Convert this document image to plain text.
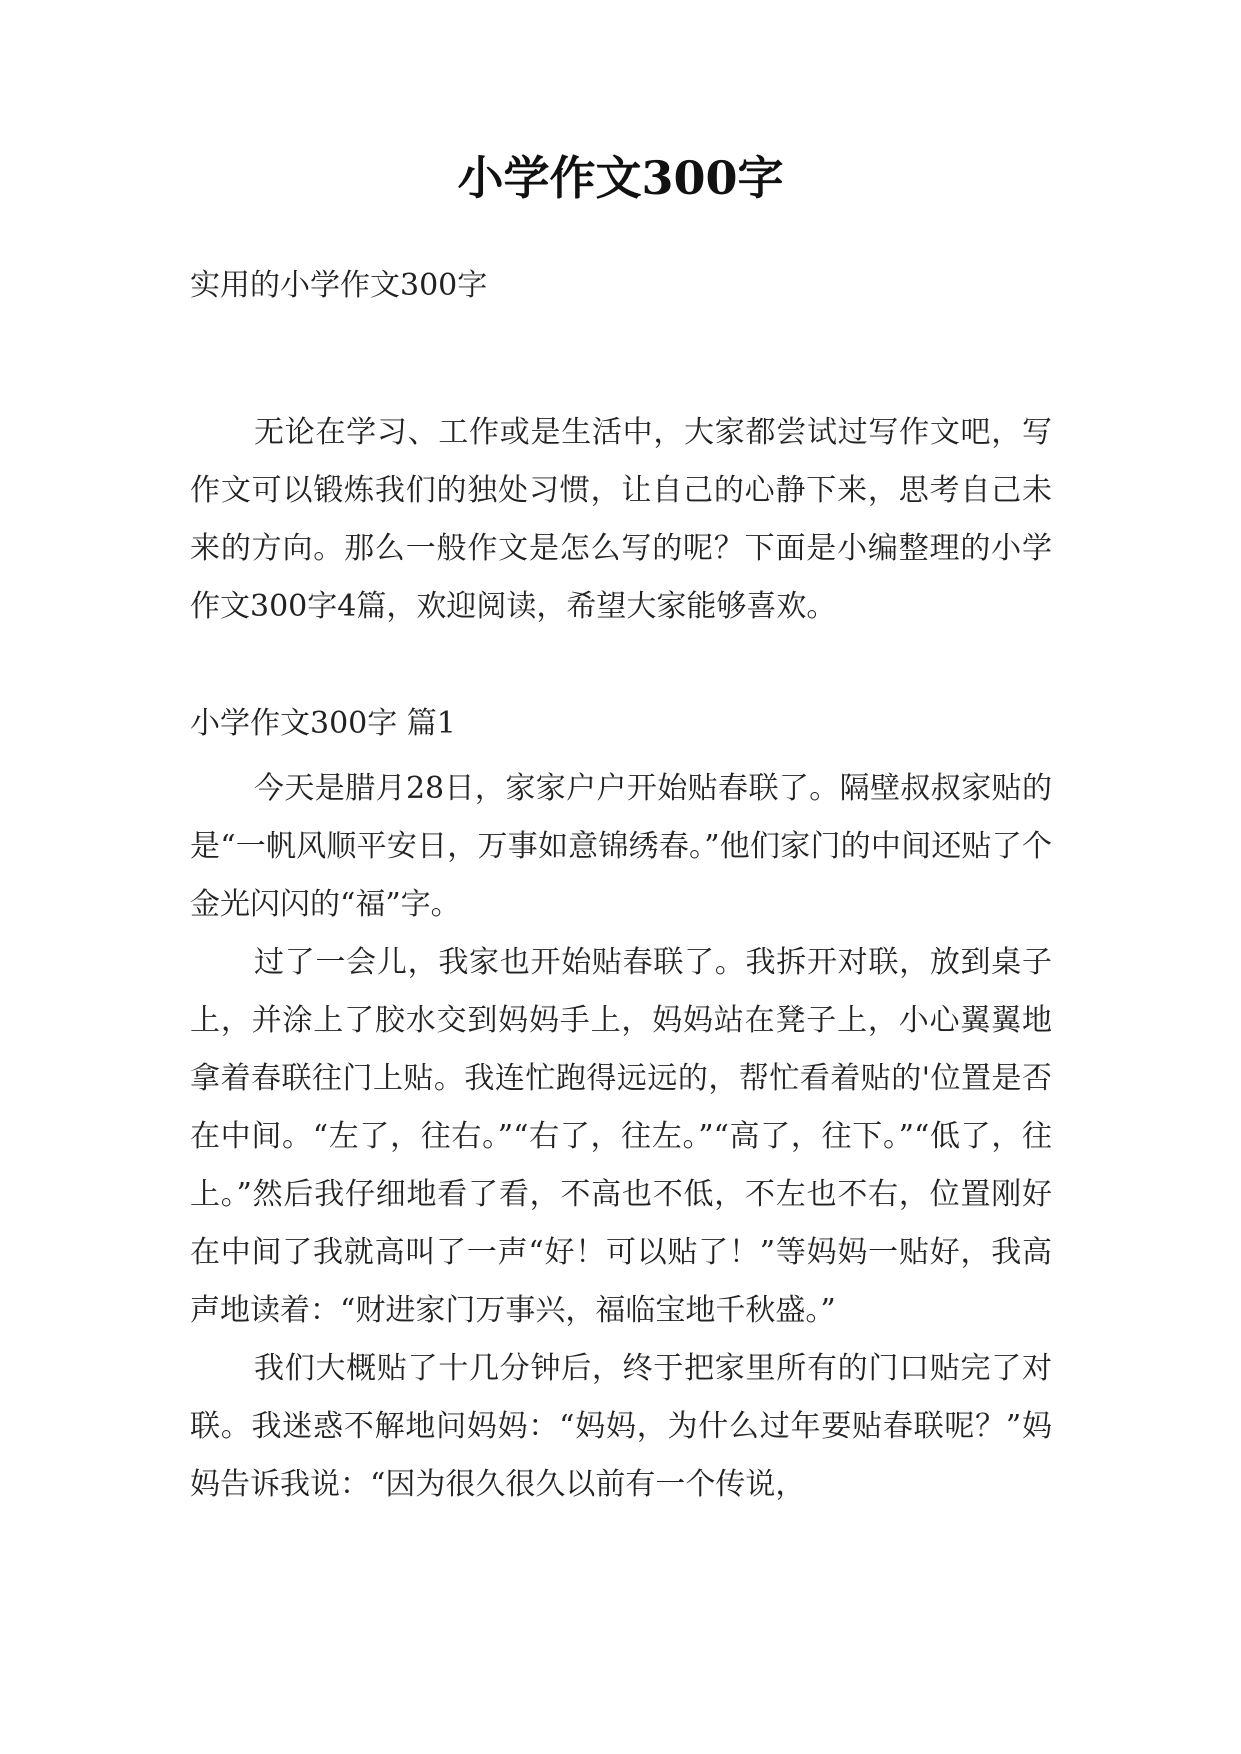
小学作文300字

实用的小学作文300字

无论在学习、工作或是生活中，大家都尝试过写作文吧，写作文可以锻炼我们的独处习惯，让自己的心静下来，思考自己未来的方向。那么一般作文是怎么写的呢？下面是小编整理的小学作文300字4篇，欢迎阅读，希望大家能够喜欢。

小学作文300字 篇1

今天是腊月28日，家家户户开始贴春联了。隔壁叔叔家贴的是“一帆风顺平安日，万事如意锦绣春。”他们家门的中间还贴了个金光闪闪的“福”字。

过了一会儿，我家也开始贴春联了。我拆开对联，放到桌子上，并涂上了胶水交到妈妈手上，妈妈站在凳子上，小心翼翼地拿着春联往门上贴。我连忙跑得远远的，帮忙看着贴的'位置是否在中间。“左了，往右。”“右了，往左。”“高了，往下。”“低了，往上。”然后我仔细地看了看，不高也不低，不左也不右，位置刚好在中间了我就高叫了一声“好！可以贴了！”等妈妈一贴好，我高声地读着：“财进家门万事兴，福临宝地千秋盛。”

我们大概贴了十几分钟后，终于把家里所有的门口贴完了对联。我迷惑不解地问妈妈：“妈妈，为什么过年要贴春联呢？”妈妈告诉我说：“因为很久很久以前有一个传说，
